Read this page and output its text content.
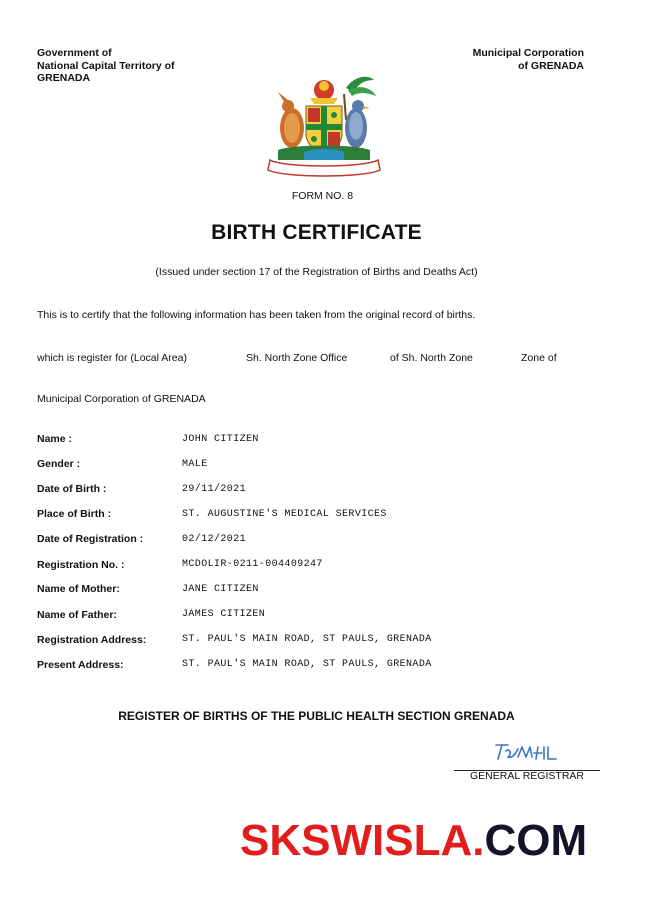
Government of
National Capital Territory of
GRENADA
Municipal Corporation
of GRENADA
FORM NO. 8
BIRTH CERTIFICATE
(Issued under section 17 of the Registration of Births and Deaths Act)
This is to certify that the following information has been taken from the original record of births.
which is register for (Local Area)	Sh. North Zone Office	of Sh. North Zone	Zone of
Municipal Corporation of GRENADA
Name :	JOHN CITIZEN
Gender :	MALE
Date of Birth :	29/11/2021
Place of Birth :	ST. AUGUSTINE'S MEDICAL SERVICES
Date of Registration :	02/12/2021
Registration No. :	MCDOLIR-0211-004409247
Name of Mother:	JANE CITIZEN
Name of Father:	JAMES CITIZEN
Registration Address:	ST. PAUL'S MAIN ROAD, ST PAULS, GRENADA
Present Address:	ST. PAUL'S MAIN ROAD, ST PAULS, GRENADA
REGISTER OF BIRTHS OF THE PUBLIC HEALTH SECTION GRENADA
GENERAL REGISTRAR
SKSWISLA.COM
